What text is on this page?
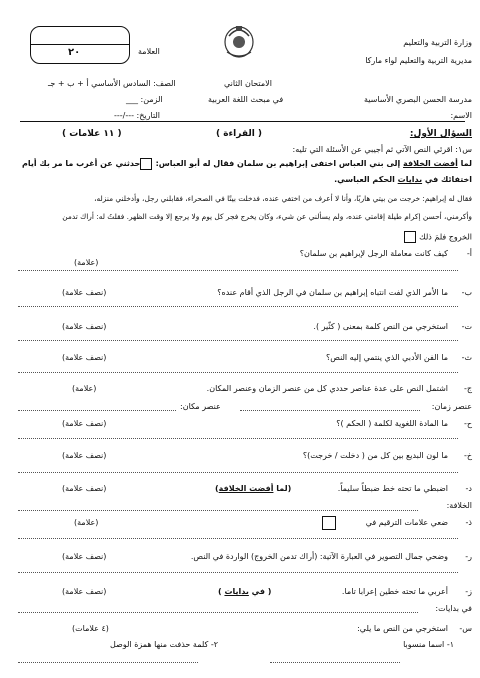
٢٠	العلامة
وزارة التربية والتعليم
مديرية التربية والتعليم لواء ماركا
مدرسة الحسن البصري الأساسية
الامتحان الثاني
في مبحث اللغة العربية
الصف: السادس الأساسي أ + ب + جـ
الزمن: ___
الاسم:
التاريخ: ---/---
السؤال الأول:
( القراءة )
( ١١ علامات )
س١: اقرئي النص الآتي ثم أجيبي عن الأسئلة التي تليه:
لما أفضت الخلافة إلى بني العباس اختفى إبراهيم بن سلمان فقال له أبو العباس:
حدثني عن أغرب ما مر بك أيام
اختفائك في بدايات الحكم العباسي.
فقال له إبراهيم: خرجت من بيتي هاربًا، وأنا لا أعرف من اختفي عنده، فدخلت بيتًا في الصحراء، فقابلني رجل، وأدخلني منزله،
وأكرمني، أحسن إكرام طيلة إقامتي عنده، ولم يسألني عن شيء، وكان يخرج فجر كل يوم ولا يرجع إلا وقت الظهر. فقلتُ له: أراك تدمن
الخروج فلمَ ذلك
أ-
كيف كانت معاملة الرجل لإبراهيم بن سلمان؟
(علامة)
ب-
ما الأمر الذي لفت انتباه إبراهيم بن سلمان في الرجل الذي أقام عنده؟
(نصف علامة)
ت-
استخرجي من النص كلمة بمعنى ( كثّير ).
(نصف علامة)
ث-
ما الفن الأدبي الذي ينتمي إليه النص؟
(نصف علامة)
ج-
اشتمل النص على عدة عناصر حددي كل من عنصر الزمان وعنصر المكان.
(علامة)
عنصر زمان:
عنصر مكان:
ح-
ما المادة اللغوية لكلمة ( الحكم )؟
(نصف علامة)
خ-
ما لون البديع بين كل من ( دخلت / خرجت)؟
(نصف علامة)
د-
اضبطي ما تحته خط ضبطاً سليماً.
(لما أفضت الخلافة)
(نصف علامة)
الخلافة:
ذ-
ضعي علامات الترقيم في
(علامة)
ر-
وضحي جمال التصوير في العبارة الآتية: (أراك تدمن الخروج) الواردة في النص.
(نصف علامة)
ز-
أعربي ما تحته خطين إعرابا تاما.
( في بدايات )
(نصف علامة)
في بدايات:
س-
استخرجي من النص ما يلي:
(٤ علامات)
١- اسما منسوبا
٢- كلمة حذفت منها همزة الوصل
